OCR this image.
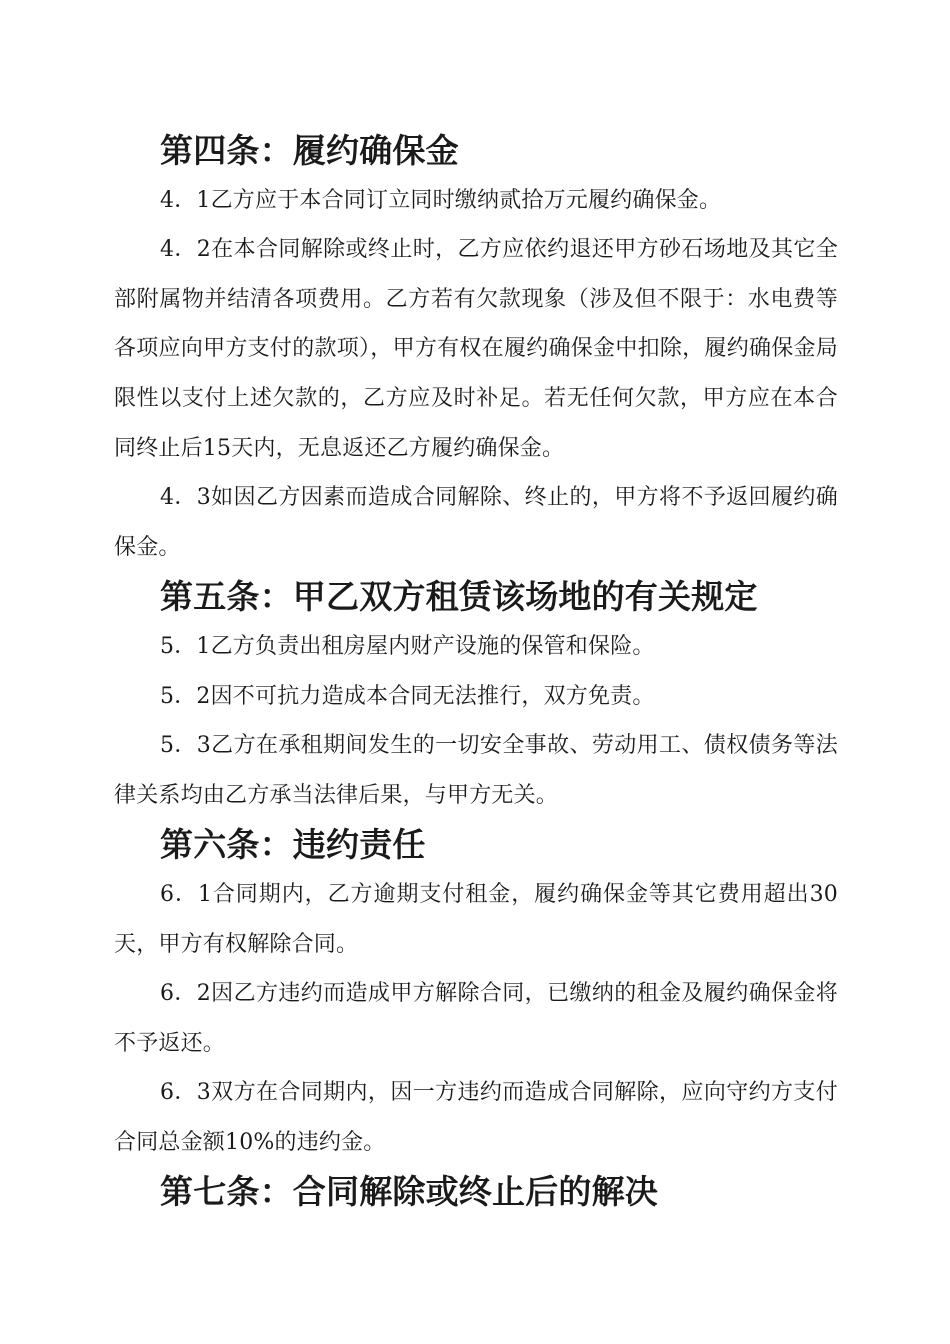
第四条：履约确保金

4．1乙方应于本合同订立同时缴纳贰拾万元履约确保金。

4．2在本合同解除或终止时，乙方应依约退还甲方砂石场地及其它全部附属物并结清各项费用。乙方若有欠款现象（涉及但不限于：水电费等各项应向甲方支付的款项），甲方有权在履约确保金中扣除，履约确保金局限性以支付上述欠款的，乙方应及时补足。若无任何欠款，甲方应在本合同终止后15天内，无息返还乙方履约确保金。

4．3如因乙方因素而造成合同解除、终止的，甲方将不予返回履约确保金。

第五条：甲乙双方租赁该场地的有关规定

5．1乙方负责出租房屋内财产设施的保管和保险。

5．2因不可抗力造成本合同无法推行，双方免责。

5．3乙方在承租期间发生的一切安全事故、劳动用工、债权债务等法律关系均由乙方承当法律后果，与甲方无关。

第六条：违约责任

6．1合同期内，乙方逾期支付租金，履约确保金等其它费用超出30天，甲方有权解除合同。

6．2因乙方违约而造成甲方解除合同，已缴纳的租金及履约确保金将不予返还。

6．3双方在合同期内，因一方违约而造成合同解除，应向守约方支付合同总金额10%的违约金。

第七条：合同解除或终止后的解决
